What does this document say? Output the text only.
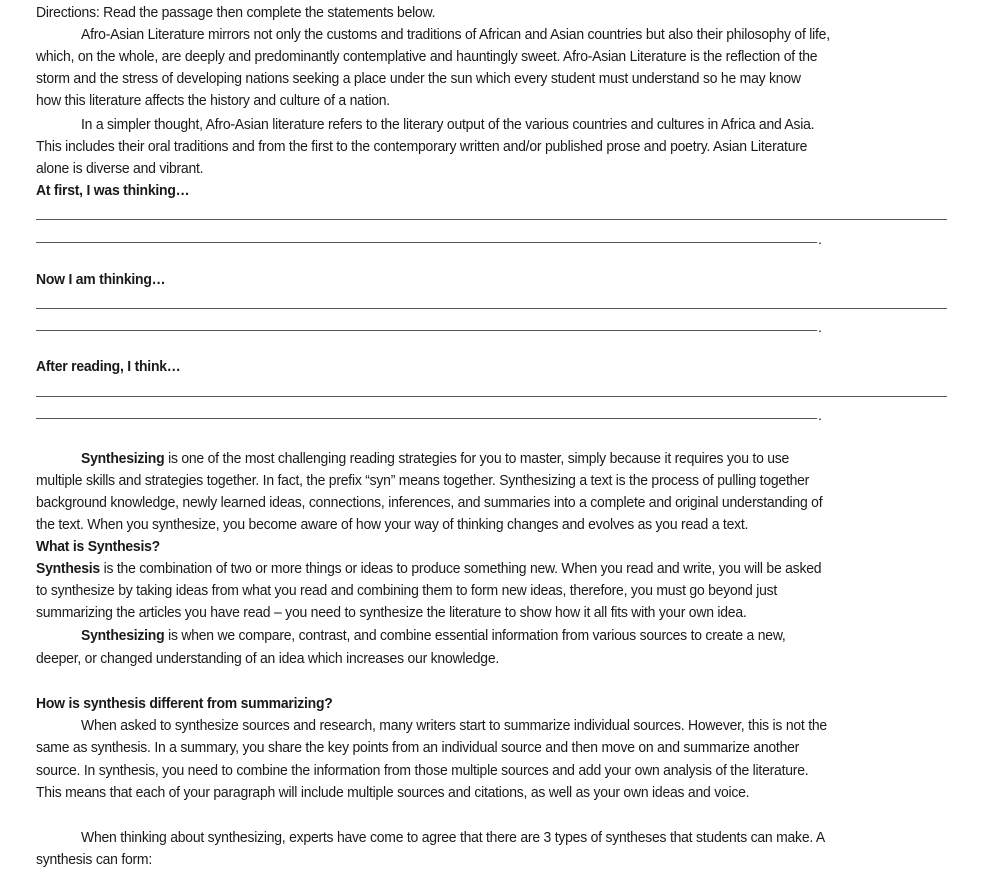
Directions: Read the passage then complete the statements below.
Afro-Asian Literature mirrors not only the customs and traditions of African and Asian countries but also their philosophy of life,
which, on the whole, are deeply and predominantly contemplative and hauntingly sweet. Afro-Asian Literature is the reflection of the
storm and the stress of developing nations seeking a place under the sun which every student must understand so he may know
how this literature affects the history and culture of a nation.
In a simpler thought, Afro-Asian literature refers to the literary output of the various countries and cultures in Africa and Asia.
This includes their oral traditions and from the first to the contemporary written and/or published prose and poetry. Asian Literature
alone is diverse and vibrant.
At first, I was thinking…
.
Now I am thinking…
.
After reading, I think…
.
Synthesizing is one of the most challenging reading strategies for you to master, simply because it requires you to use
multiple skills and strategies together. In fact, the prefix “syn” means together. Synthesizing a text is the process of pulling together
background knowledge, newly learned ideas, connections, inferences, and summaries into a complete and original understanding of
the text. When you synthesize, you become aware of how your way of thinking changes and evolves as you read a text.
What is Synthesis?
Synthesis is the combination of two or more things or ideas to produce something new. When you read and write, you will be asked
to synthesize by taking ideas from what you read and combining them to form new ideas, therefore, you must go beyond just
summarizing the articles you have read – you need to synthesize the literature to show how it all fits with your own idea.
Synthesizing is when we compare, contrast, and combine essential information from various sources to create a new,
deeper, or changed understanding of an idea which increases our knowledge.
How is synthesis different from summarizing?
When asked to synthesize sources and research, many writers start to summarize individual sources. However, this is not the
same as synthesis. In a summary, you share the key points from an individual source and then move on and summarize another
source. In synthesis, you need to combine the information from those multiple sources and add your own analysis of the literature.
This means that each of your paragraph will include multiple sources and citations, as well as your own ideas and voice.
When thinking about synthesizing, experts have come to agree that there are 3 types of syntheses that students can make. A
synthesis can form:
